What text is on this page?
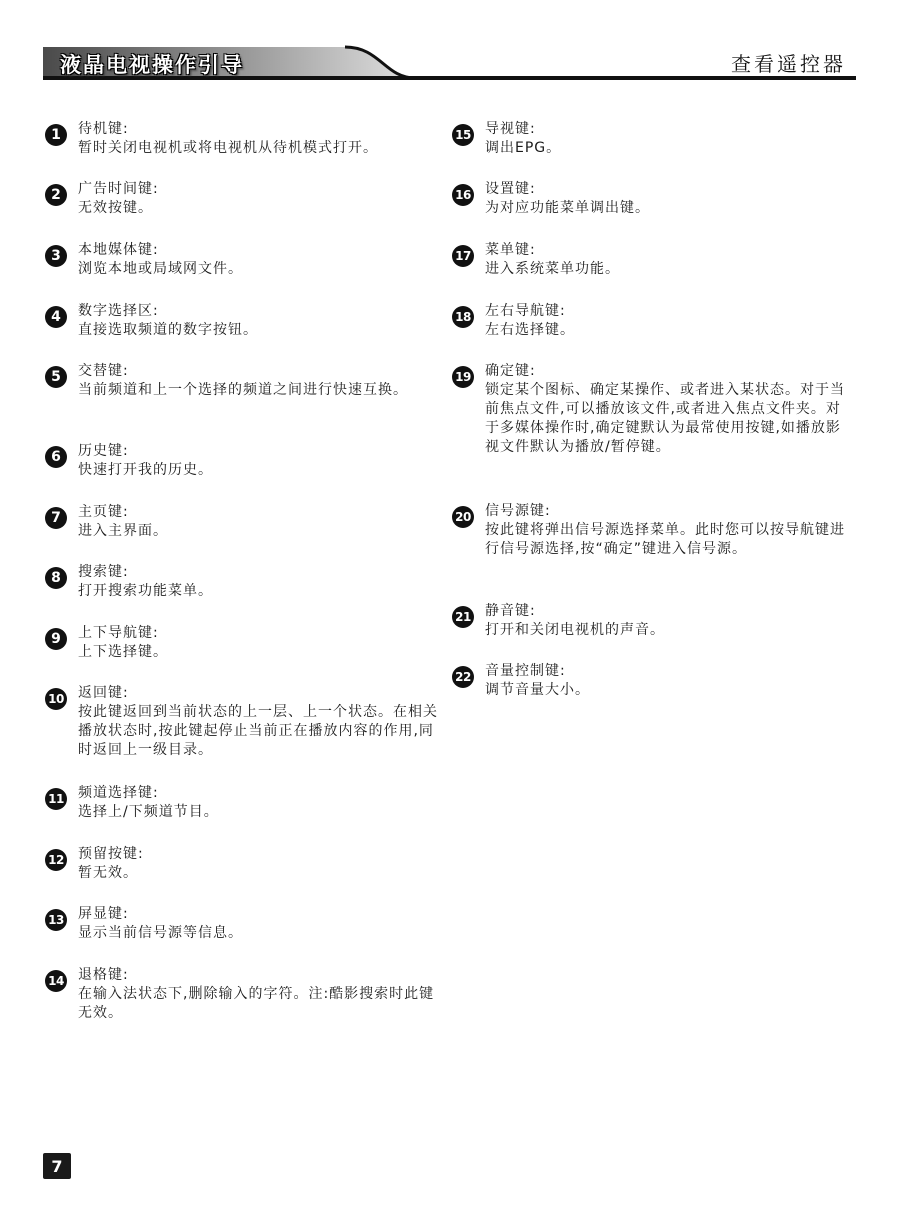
液晶电视操作引导	查看遥控器
1	待机键:
暂时关闭电视机或将电视机从待机模式打开。
2	广告时间键:
无效按键。
3	本地媒体键:
浏览本地或局域网文件。
4	数字选择区:
直接选取频道的数字按钮。
5	交替键:
当前频道和上一个选择的频道之间进行快速互换。
6	历史键:
快速打开我的历史。
7	主页键:
进入主界面。
8	搜索键:
打开搜索功能菜单。
9	上下导航键:
上下选择键。
10 返回键:
按此键返回到当前状态的上一层、上一个状态。在相关播放状态时,按此键起停止当前正在播放内容的作用,同时返回上一级目录。
11 频道选择键:
选择上/下频道节目。
12 预留按键:
暂无效。
13 屏显键:
显示当前信号源等信息。
14 退格键:
在输入法状态下,删除输入的字符。注:酷影搜索时此键无效。
15 导视键:
调出EPG。
16 设置键:
为对应功能菜单调出键。
17 菜单键:
进入系统菜单功能。
18 左右导航键:
左右选择键。
19 确定键:
锁定某个图标、确定某操作、或者进入某状态。对于当前焦点文件,可以播放该文件,或者进入焦点文件夹。对于多媒体操作时,确定键默认为最常使用按键,如播放影视文件默认为播放/暂停键。
20 信号源键:
按此键将弹出信号源选择菜单。此时您可以按导航键进行信号源选择,按“确定”键进入信号源。
21 静音键:
打开和关闭电视机的声音。
22 音量控制键:
调节音量大小。
7
